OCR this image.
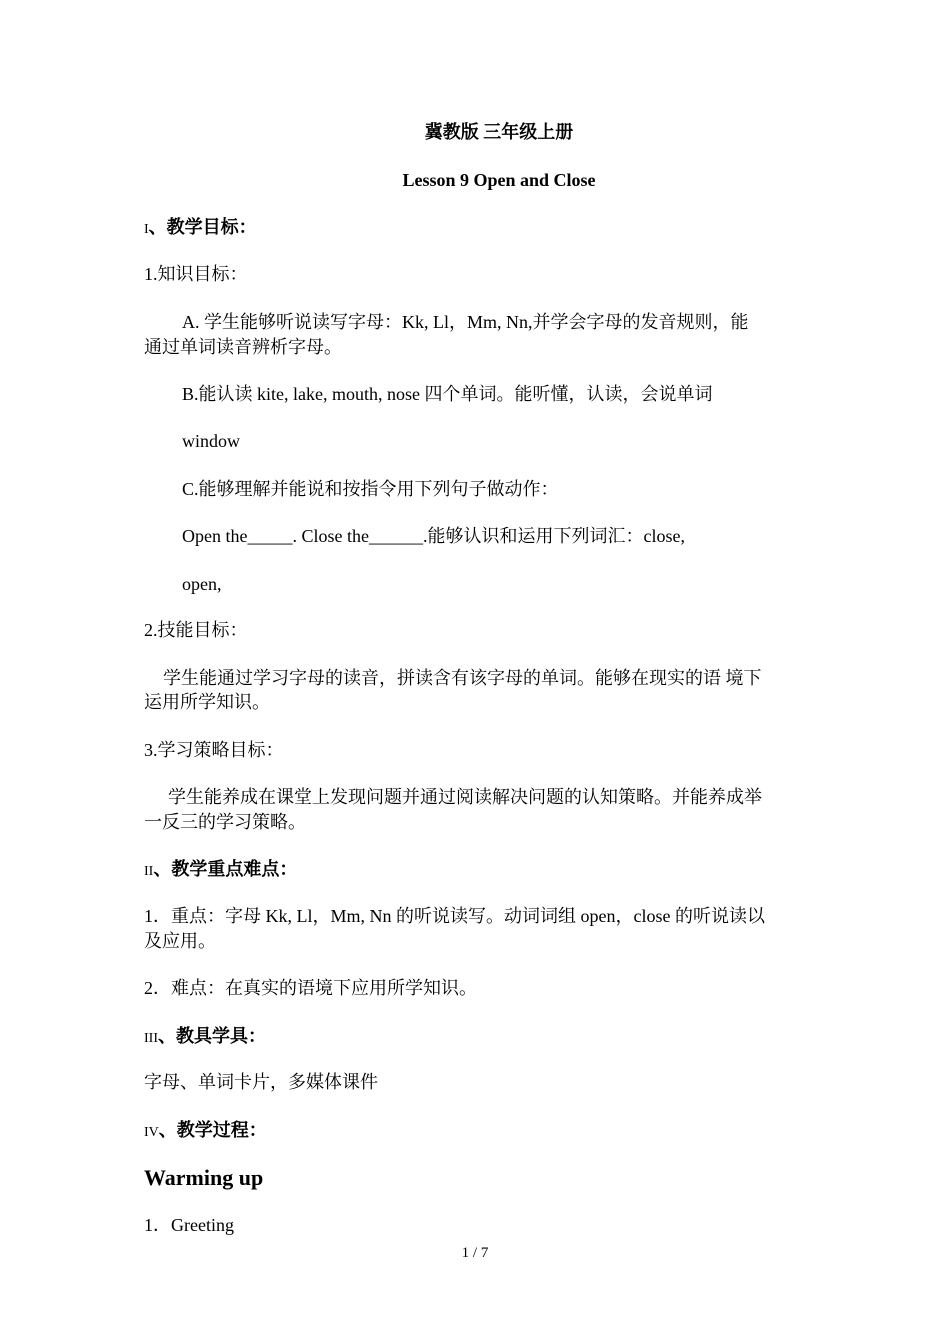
冀教版 三年级上册
Lesson 9 Open and Close
I、教学目标：
1.知识目标：
A. 学生能够听说读写字母：Kk, Ll，Mm, Nn,并学会字母的发音规则，能
通过单词读音辨析字母。
B.能认读 kite, lake, mouth, nose 四个单词。能听懂，认读，会说单词
window
C.能够理解并能说和按指令用下列句子做动作：
Open the_____. Close the______.能够认识和运用下列词汇：close,
open,
2.技能目标：
学生能通过学习字母的读音，拼读含有该字母的单词。能够在现实的语 境下
运用所学知识。
3.学习策略目标：
学生能养成在课堂上发现问题并通过阅读解决问题的认知策略。并能养成举
一反三的学习策略。
II、教学重点难点：
1．重点：字母 Kk, Ll，Mm, Nn 的听说读写。动词词组 open，close 的听说读以
及应用。
2．难点：在真实的语境下应用所学知识。
III、教具学具：
字母、单词卡片，多媒体课件
IV、教学过程：
Warming up
1．Greeting
1 / 7
